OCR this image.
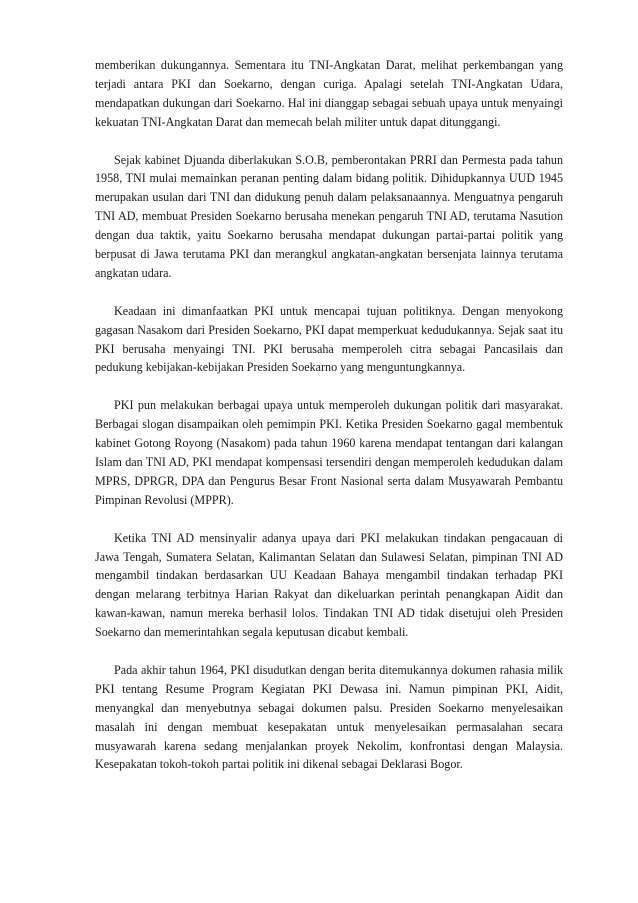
memberikan dukungannya. Sementara itu TNI-Angkatan Darat, melihat perkembangan yang terjadi antara PKI dan Soekarno, dengan curiga. Apalagi setelah TNI-Angkatan Udara, mendapatkan dukungan dari Soekarno. Hal ini dianggap sebagai sebuah upaya untuk menyaingi kekuatan TNI-Angkatan Darat dan memecah belah militer untuk dapat ditunggangi.

Sejak kabinet Djuanda diberlakukan S.O.B, pemberontakan PRRI dan Permesta pada tahun 1958, TNI mulai memainkan peranan penting dalam bidang politik. Dihidupkannya UUD 1945 merupakan usulan dari TNI dan didukung penuh dalam pelaksanaannya. Menguatnya pengaruh TNI AD, membuat Presiden Soekarno berusaha menekan pengaruh TNI AD, terutama Nasution dengan dua taktik, yaitu Soekarno berusaha mendapat dukungan partai-partai politik yang berpusat di Jawa terutama PKI dan merangkul angkatan-angkatan bersenjata lainnya terutama angkatan udara.

Keadaan ini dimanfaatkan PKI untuk mencapai tujuan politiknya. Dengan menyokong gagasan Nasakom dari Presiden Soekarno, PKI dapat memperkuat kedudukannya. Sejak saat itu PKI berusaha menyaingi TNI. PKI berusaha memperoleh citra sebagai Pancasilais dan pedukung kebijakan-kebijakan Presiden Soekarno yang menguntungkannya.

PKI pun melakukan berbagai upaya untuk memperoleh dukungan politik dari masyarakat. Berbagai slogan disampaikan oleh pemimpin PKI. Ketika Presiden Soekarno gagal membentuk kabinet Gotong Royong (Nasakom) pada tahun 1960 karena mendapat tentangan dari kalangan Islam dan TNI AD, PKI mendapat kompensasi tersendiri dengan memperoleh kedudukan dalam MPRS, DPRGR, DPA dan Pengurus Besar Front Nasional serta dalam Musyawarah Pembantu Pimpinan Revolusi (MPPR).

Ketika TNI AD mensinyalir adanya upaya dari PKI melakukan tindakan pengacauan di Jawa Tengah, Sumatera Selatan, Kalimantan Selatan dan Sulawesi Selatan, pimpinan TNI AD mengambil tindakan berdasarkan UU Keadaan Bahaya mengambil tindakan terhadap PKI dengan melarang terbitnya Harian Rakyat dan dikeluarkan perintah penangkapan Aidit dan kawan-kawan, namun mereka berhasil lolos. Tindakan TNI AD tidak disetujui oleh Presiden Soekarno dan memerintahkan segala keputusan dicabut kembali.

Pada akhir tahun 1964, PKI disudutkan dengan berita ditemukannya dokumen rahasia milik PKI tentang Resume Program Kegiatan PKI Dewasa ini. Namun pimpinan PKI, Aidit, menyangkal dan menyebutnya sebagai dokumen palsu. Presiden Soekarno menyelesaikan masalah ini dengan membuat kesepakatan untuk menyelesaikan permasalahan secara musyawarah karena sedang menjalankan proyek Nekolim, konfrontasi dengan Malaysia. Kesepakatan tokoh-tokoh partai politik ini dikenal sebagai Deklarasi Bogor.
